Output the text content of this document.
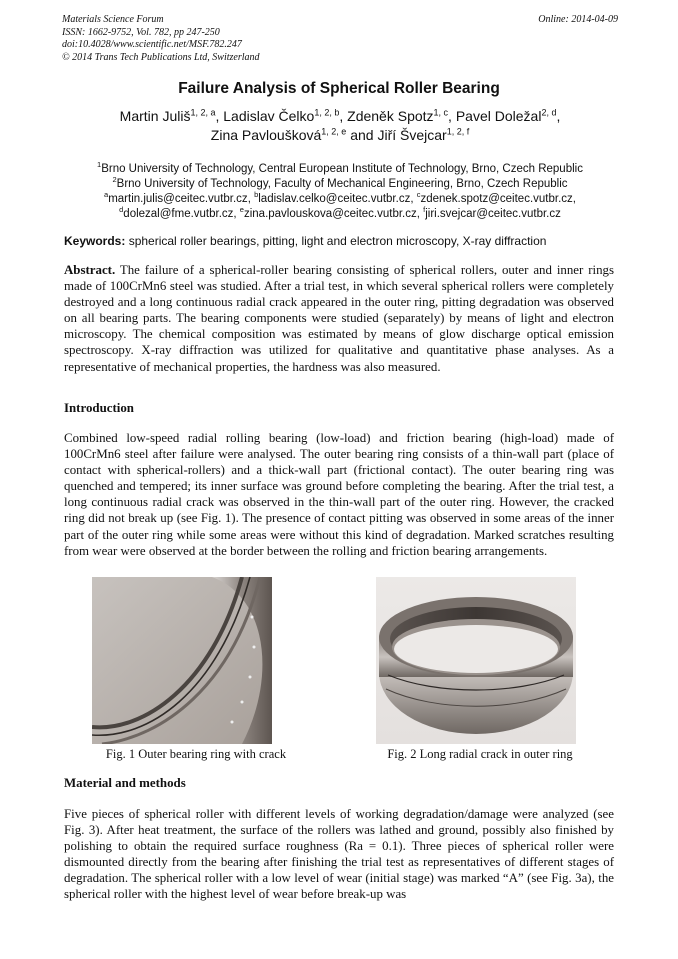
Materials Science Forum
ISSN: 1662-9752, Vol. 782, pp 247-250
doi:10.4028/www.scientific.net/MSF.782.247
© 2014 Trans Tech Publications Ltd, Switzerland
Online: 2014-04-09
Failure Analysis of Spherical Roller Bearing
Martin Juliš$^{1, 2, a}$, Ladislav Čelko$^{1, 2, b}$, Zdeněk Spotz$^{1, c}$, Pavel Doležal$^{2, d}$,
Zina Pavloušková$^{1, 2, e}$ and Jiří Švejcar$^{1, 2, f}$
$^1$Brno University of Technology, Central European Institute of Technology, Brno, Czech Republic
$^2$Brno University of Technology, Faculty of Mechanical Engineering, Brno, Czech Republic
$^a$martin.julis@ceitec.vutbr.cz, $^b$ladislav.celko@ceitec.vutbr.cz, $^c$zdenek.spotz@ceitec.vutbr.cz,
$^d$dolezal@fme.vutbr.cz, $^e$zina.pavlouskova@ceitec.vutbr.cz, $^f$jiri.svejcar@ceitec.vutbr.cz
Keywords: spherical roller bearings, pitting, light and electron microscopy, X-ray diffraction
Abstract. The failure of a spherical-roller bearing consisting of spherical rollers, outer and inner rings made of 100CrMn6 steel was studied. After a trial test, in which several spherical rollers were completely destroyed and a long continuous radial crack appeared in the outer ring, pitting degradation was observed on all bearing parts. The bearing components were studied (separately) by means of light and electron microscopy. The chemical composition was estimated by means of glow discharge optical emission spectroscopy. X-ray diffraction was utilized for qualitative and quantitative phase analyses. As a representative of mechanical properties, the hardness was also measured.
Introduction
Combined low-speed radial rolling bearing (low-load) and friction bearing (high-load) made of 100CrMn6 steel after failure were analysed. The outer bearing ring consists of a thin-wall part (place of contact with spherical-rollers) and a thick-wall part (frictional contact). The outer bearing ring was quenched and tempered; its inner surface was ground before completing the bearing. After the trial test, a long continuous radial crack was observed in the thin-wall part of the outer ring. However, the cracked ring did not break up (see Fig. 1). The presence of contact pitting was observed in some areas of the inner part of the outer ring while some areas were without this kind of degradation. Marked scratches resulting from wear were observed at the border between the rolling and friction bearing arrangements.
Fig. 1 Outer bearing ring with crack	Fig. 2 Long radial crack in outer ring
Material and methods
Five pieces of spherical roller with different levels of working degradation/damage were analyzed (see Fig. 3). After heat treatment, the surface of the rollers was lathed and ground, possibly also finished by polishing to obtain the required surface roughness (Ra = 0.1). Three pieces of spherical roller were dismounted directly from the bearing after finishing the trial test as representatives of different stages of degradation. The spherical roller with a low level of wear (initial stage) was marked “A” (see Fig. 3a), the spherical roller with the highest level of wear before break-up was
